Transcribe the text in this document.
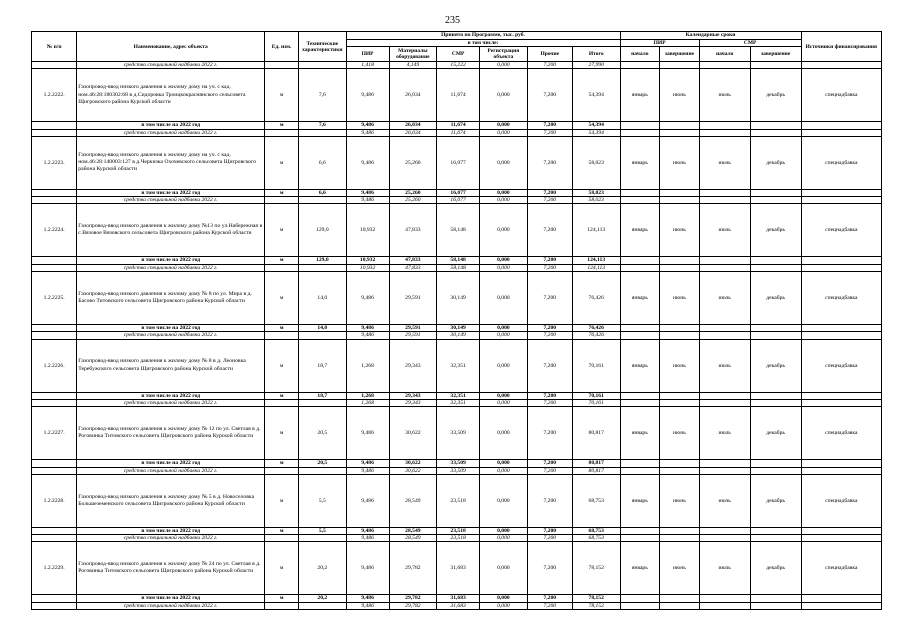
235
№ п/п	Наименование, адрес объекта	Ед. изм.	Технические характеристики	Принято по Программе, тыс. руб.						Календарные сроки				Источники финансирования
				в том числе:						ПИР		СМР		
				ПИР	Материалы оборудование	СМР	Регистрация объекта	Прочие	Итого	начало	завершение	начало	завершение	
	средства специальной надбавки 2022 г.			1,418	4,149	15,222	0,000	7,200	27,990					
1.2.2222.	Газопровод-ввод низкого давления к жилому дому на уч. с кад. ном.46:28:180302:68 в д.Сидоровка Троицкокраснянского сельсовета Щигровского района Курской области	м	7,6	9,486	26,034	11,674	0,000	7,200	54,394	январь	июнь	июль	декабрь	спецнадбавка
	в том числе на 2022 год	м	7,6	9,486	26,034	11,674	0,000	7,200	54,394					
	средства специальной надбавки 2022 г.			9,486	26,034	11,674	0,000	7,200	54,394					
1.2.2223.	Газопровод-ввод низкого давления к жилому дому на уч. с кад. ном.46:28:140003:127 в д.Черкизка Охочевского сельсовета Щигровского района Курской области	м	6,6	9,486	25,260	16,077	0,000	7,200	58,023	январь	июнь	июль	декабрь	спецнадбавка
	в том числе на 2022 год	м	6,6	9,486	25,260	16,077	0,000	7,200	58,023					
	средства специальной надбавки 2022 г.			9,486	25,260	16,077	0,000	7,200	58,023					
1.2.2224.	Газопровод-ввод низкого давления к жилому дому №13 по ул.Набережная в с.Вязовое Вязовского сельсовета Щигровского района Курской области	м	129,0	10,932	47,833	58,148	0,000	7,200	124,113	январь	июнь	июль	декабрь	спецнадбавка
	в том числе на 2022 год	м	129,0	10,932	47,833	58,148	0,000	7,200	124,113					
	средства специальной надбавки 2022 г.			10,932	47,833	58,148	0,000	7,200	124,113					
1.2.2225.	Газопровод-ввод низкого давления к жилому дому № 8 по ул. Мира в д. Басово Титовского сельсовета Щигровского района Курской области	м	14,0	9,486	29,591	30,149	0,000	7,200	76,426	январь	июнь	июль	декабрь	спецнадбавка
	в том числе на 2022 год	м	14,0	9,486	29,591	30,149	0,000	7,200	76,426					
	средства специальной надбавки 2022 г.			9,486	29,591	30,149	0,000	7,200	76,426					
1.2.2226.	Газопровод-ввод низкого давления к жилому дому № 8 в д. Леоновка Теребужского сельсовета Щигровского района Курской области	м	18,7	1,268	29,343	32,351	0,000	7,200	70,161	январь	июнь	июль	декабрь	спецнадбавка
	в том числе на 2022 год	м	18,7	1,268	29,343	32,351	0,000	7,200	70,161					
	средства специальной надбавки 2022 г.			1,268	29,343	32,351	0,000	7,200	70,161					
1.2.2227.	Газопровод-ввод низкого давления к жилому дому № 12 по ул. Светлая в д. Роговинка Титовского сельсовета Щигровского района Курской области	м	20,5	9,486	30,622	33,509	0,000	7,200	80,817	январь	июнь	июль	декабрь	спецнадбавка
	в том числе на 2022 год	м	20,5	9,486	30,622	33,509	0,000	7,200	80,817					
	средства специальной надбавки 2022 г.			9,486	30,622	33,509	0,000	7,200	80,817					
1.2.2228.	Газопровод-ввод низкого давления к жилому дому № 5 в д. Новоселовка Большеземенского сельсовета Щигровского района Курской области	м	5,5	9,486	28,549	23,518	0,000	7,200	68,753	январь	июнь	июль	декабрь	спецнадбавка
	в том числе на 2022 год	м	5,5	9,486	28,549	23,518	0,000	7,200	68,753					
	средства специальной надбавки 2022 г.			9,486	28,549	23,518	0,000	7,200	68,753					
1.2.2229.	Газопровод-ввод низкого давления к жилому дому № 24 по ул. Светлая в д. Роговинка Титовского сельсовета Щигровского района Курской области	м	20,2	9,486	29,782	31,683	0,000	7,200	78,152	январь	июнь	июль	декабрь	спецнадбавка
	в том числе на 2022 год	м	20,2	9,486	29,782	31,683	0,000	7,200	78,152					
	средства специальной надбавки 2022 г.			9,486	29,782	31,683	0,000	7,200	78,152					
